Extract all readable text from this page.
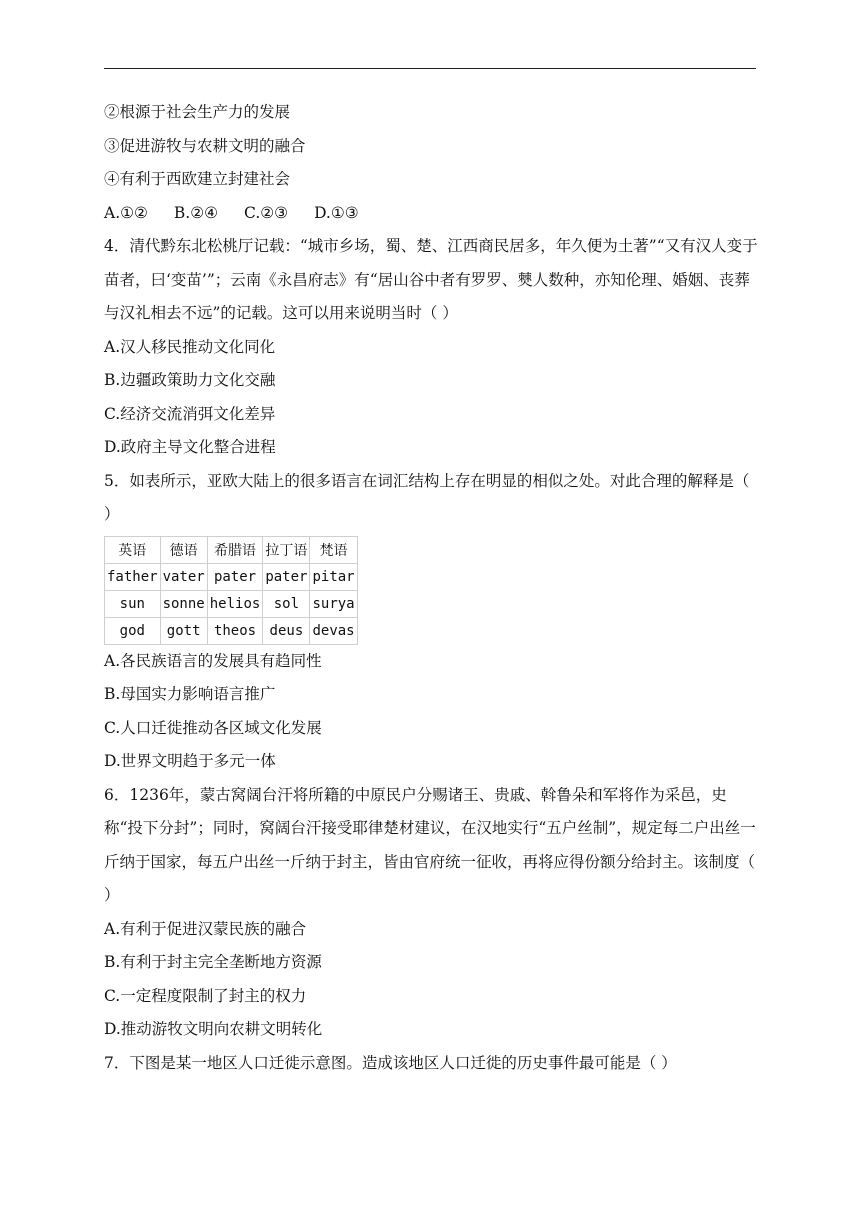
②根源于社会生产力的发展
③促进游牧与农耕文明的融合
④有利于西欧建立封建社会
A.①② B.②④ C.②③ D.①③
4．清代黔东北松桃厅记载：“城市乡场，蜀、楚、江西商民居多，年久便为土著”“又有汉人变于苗者，曰‘变苗’”；云南《永昌府志》有“居山谷中者有罗罗、僰人数种，亦知伦理、婚姻、丧葬与汉礼相去不远”的记载。这可以用来说明当时（ ）
A.汉人移民推动文化同化
B.边疆政策助力文化交融
C.经济交流消弭文化差异
D.政府主导文化整合进程
5．如表所示，亚欧大陆上的很多语言在词汇结构上存在明显的相似之处。对此合理的解释是（ ）
英语	德语	希腊语	拉丁语	梵语
father	vater	pater	pater	pitar
sun	sonne	helios	sol	surya
god	gott	theos	deus	devas
A.各民族语言的发展具有趋同性
B.母国实力影响语言推广
C.人口迁徙推动各区域文化发展
D.世界文明趋于多元一体
6．1236年，蒙古窝阔台汗将所籍的中原民户分赐诸王、贵戚、斡鲁朵和军将作为采邑，史称“投下分封”；同时，窝阔台汗接受耶律楚材建议，在汉地实行“五户丝制”，规定每二户出丝一斤纳于国家，每五户出丝一斤纳于封主，皆由官府统一征收，再将应得份额分给封主。该制度（ ）
A.有利于促进汉蒙民族的融合
B.有利于封主完全垄断地方资源
C.一定程度限制了封主的权力
D.推动游牧文明向农耕文明转化
7．下图是某一地区人口迁徙示意图。造成该地区人口迁徙的历史事件最可能是（ ）
